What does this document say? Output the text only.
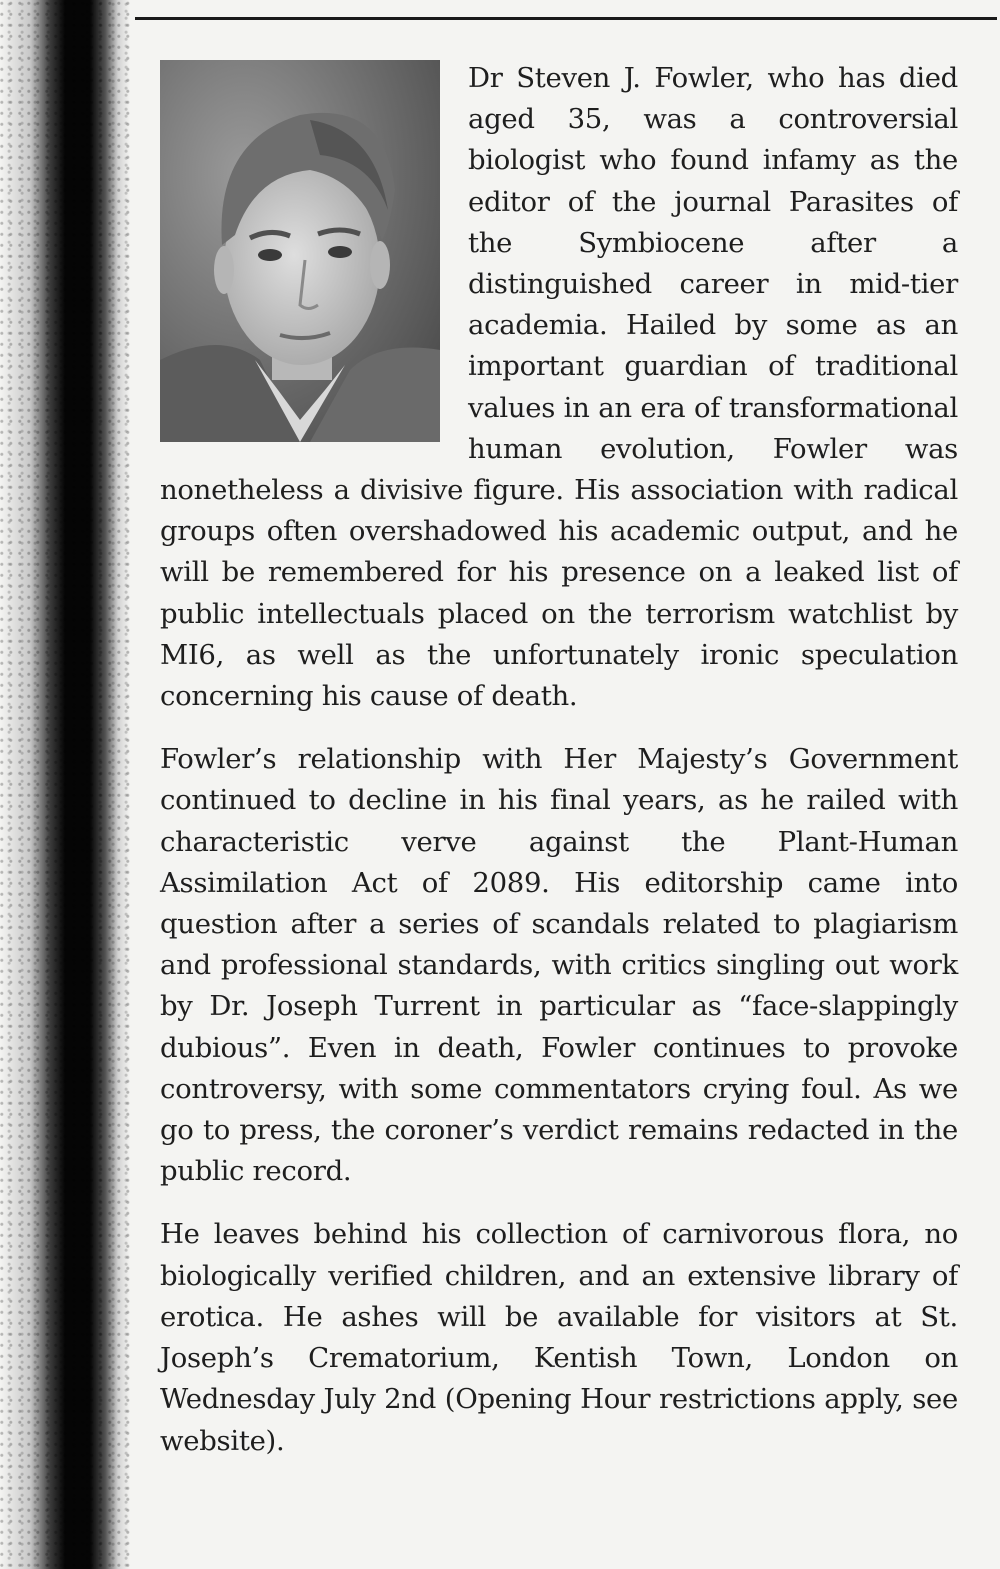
Dr Steven J. Fowler, who has died aged 35, was a controversial biologist who found infamy as the editor of the journal Parasites of the Symbiocene after a distinguished career in mid-tier academia. Hailed by some as an important guardian of traditional values in an era of transformational human evolution, Fowler was nonetheless a divisive figure. His association with radical groups often overshadowed his academic output, and he will be remembered for his presence on a leaked list of public intellectuals placed on the terrorism watchlist by MI6, as well as the unfortunately ironic speculation concerning his cause of death.

Fowler’s relationship with Her Majesty’s Government continued to decline in his final years, as he railed with characteristic verve against the Plant-Human Assimilation Act of 2089. His editorship came into question after a series of scandals related to plagiarism and professional standards, with critics singling out work by Dr. Joseph Turrent in particular as “face-slappingly dubious”. Even in death, Fowler continues to provoke controversy, with some commentators crying foul. As we go to press, the coroner’s verdict remains redacted in the public record.

He leaves behind his collection of carnivorous flora, no biologically verified children, and an extensive library of erotica. He ashes will be available for visitors at St. Joseph’s Crematorium, Kentish Town, London on Wednesday July 2nd (Opening Hour restrictions apply, see website).
